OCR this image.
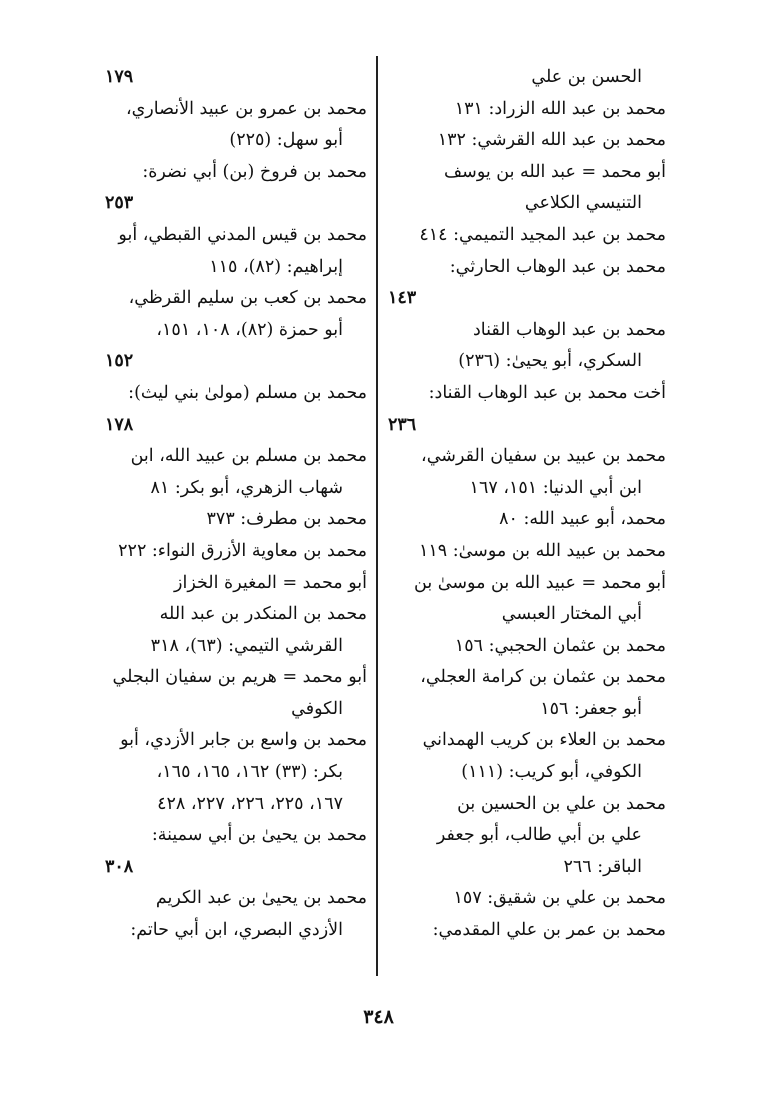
الحسن بن علي
محمد بن عبد الله الزراد: ١٣١
محمد بن عبد الله القرشي: ١٣٢
أبو محمد = عبد الله بن يوسف
التنيسي الكلاعي
محمد بن عبد المجيد التميمي: ٤١٤
محمد بن عبد الوهاب الحارثي:
١٤٣
محمد بن عبد الوهاب القناد
السكري، أبو يحيىٰ: (٢٣٦)
أخت محمد بن عبد الوهاب القناد:
٢٣٦
محمد بن عبيد بن سفيان القرشي،
ابن أبي الدنيا: ١٥١، ١٦٧
محمد، أبو عبيد الله: ٨٠
محمد بن عبيد الله بن موسىٰ: ١١٩
أبو محمد = عبيد الله بن موسىٰ بن
أبي المختار العبسي
محمد بن عثمان الحجبي: ١٥٦
محمد بن عثمان بن كرامة العجلي،
أبو جعفر: ١٥٦
محمد بن العلاء بن كريب الهمداني
الكوفي، أبو كريب: (١١١)
محمد بن علي بن الحسين بن
علي بن أبي طالب، أبو جعفر
الباقر: ٢٦٦
محمد بن علي بن شقيق: ١٥٧
محمد بن عمر بن علي المقدمي:
١٧٩
محمد بن عمرو بن عبيد الأنصاري،
أبو سهل: (٢٢٥)
محمد بن فروخ (بن) أبي نضرة:
٢٥٣
محمد بن قيس المدني القبطي، أبو
إبراهيم: (٨٢)، ١١٥
محمد بن كعب بن سليم القرظي،
أبو حمزة (٨٢)، ١٠٨، ١٥١،
١٥٢
محمد بن مسلم (مولىٰ بني ليث):
١٧٨
محمد بن مسلم بن عبيد الله، ابن
شهاب الزهري، أبو بكر: ٨١
محمد بن مطرف: ٣٧٣
محمد بن معاوية الأزرق النواء: ٢٢٢
أبو محمد = المغيرة الخزاز
محمد بن المنكدر بن عبد الله
القرشي التيمي: (٦٣)، ٣١٨
أبو محمد = هريم بن سفيان البجلي
الكوفي
محمد بن واسع بن جابر الأزدي، أبو
بكر: (٣٣) ١٦٢، ١٦٥، ١٦٥،
١٦٧، ٢٢٥، ٢٢٦، ٢٢٧، ٤٢٨
محمد بن يحيىٰ بن أبي سمينة:
٣٠٨
محمد بن يحيىٰ بن عبد الكريم
الأزدي البصري، ابن أبي حاتم:
٣٤٨
